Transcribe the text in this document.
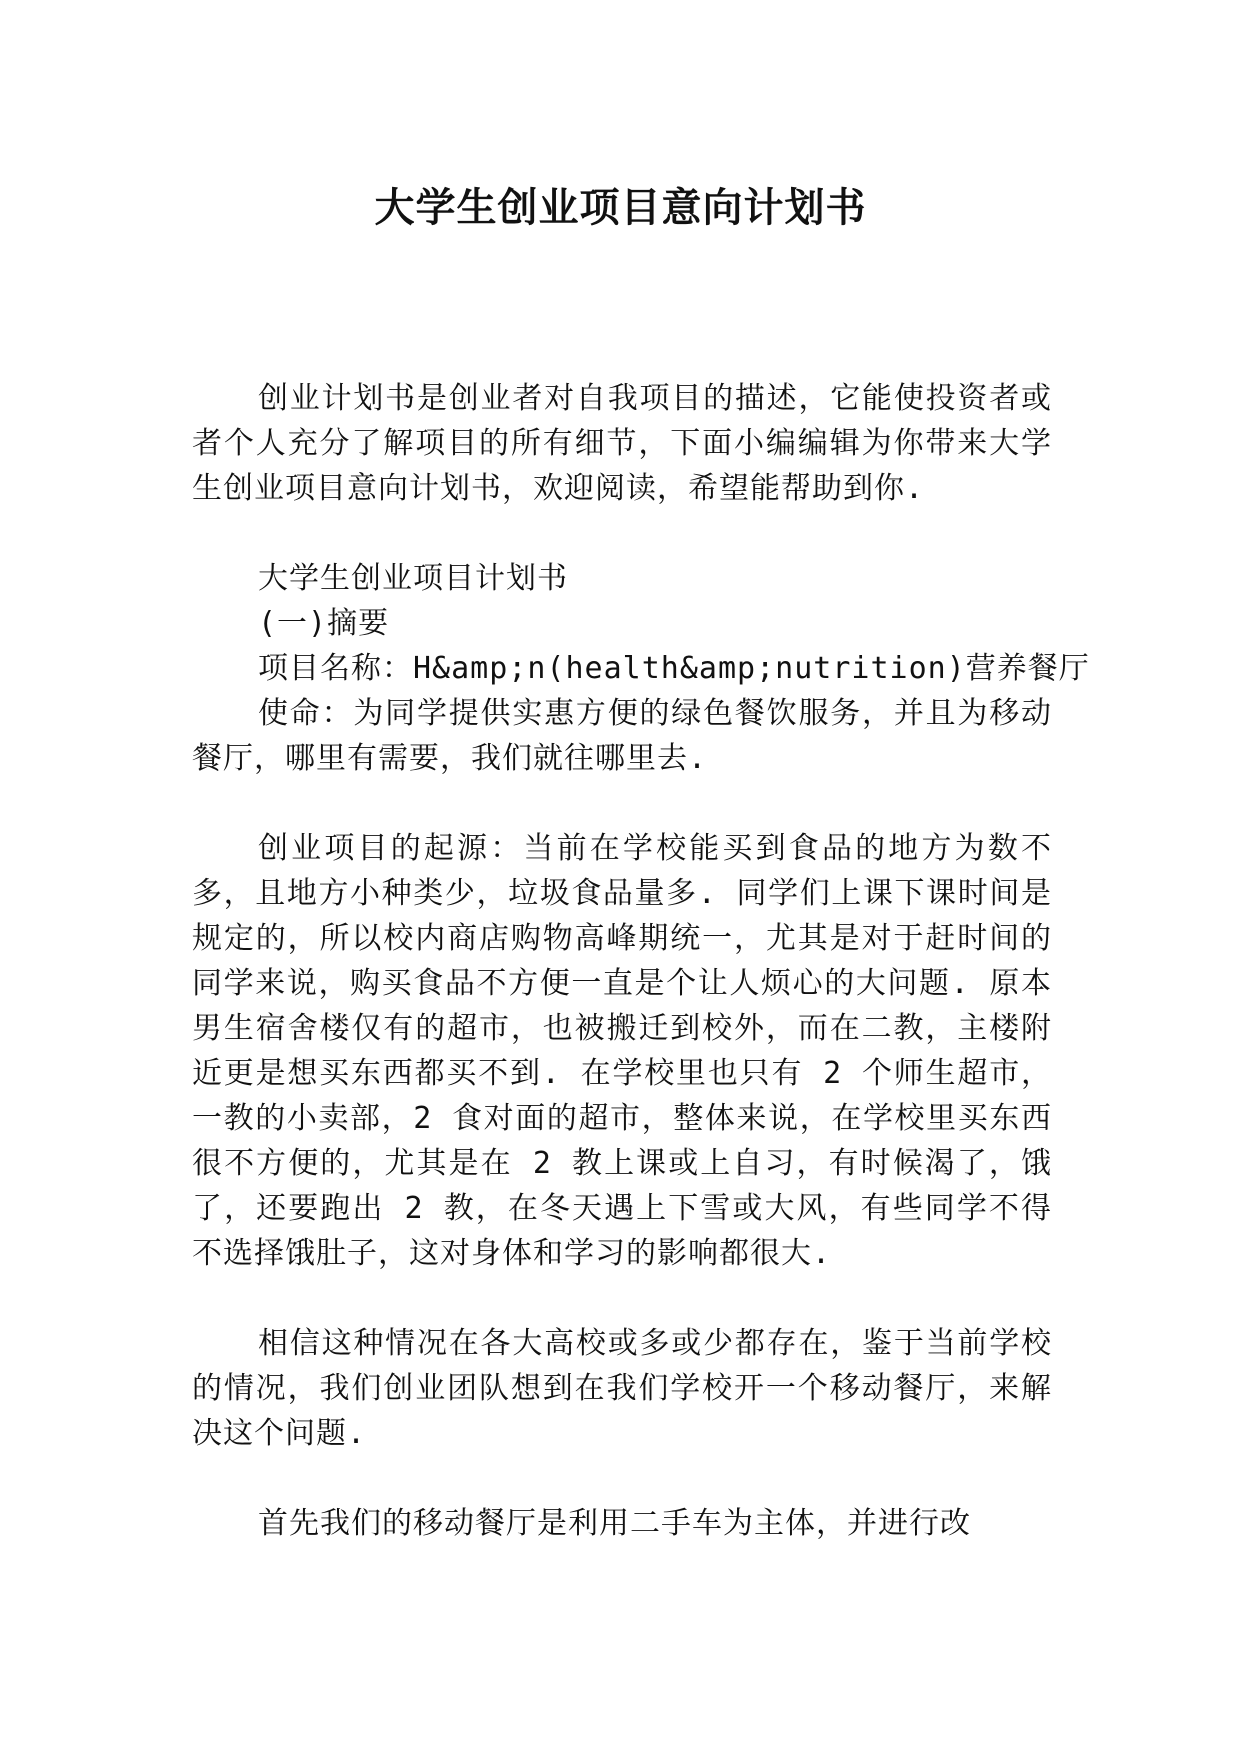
大学生创业项目意向计划书

创业计划书是创业者对自我项目的描述，它能使投资者或者个人充分了解项目的所有细节，下面小编编辑为你带来大学生创业项目意向计划书，欢迎阅读，希望能帮助到你.

大学生创业项目计划书

(一)摘要

项目名称：H&amp;n(health&amp;nutrition)营养餐厅

使命：为同学提供实惠方便的绿色餐饮服务，并且为移动餐厅，哪里有需要，我们就往哪里去.

创业项目的起源：当前在学校能买到食品的地方为数不多，且地方小种类少，垃圾食品量多. 同学们上课下课时间是规定的，所以校内商店购物高峰期统一，尤其是对于赶时间的同学来说，购买食品不方便一直是个让人烦心的大问题. 原本男生宿舍楼仅有的超市，也被搬迁到校外，而在二教，主楼附近更是想买东西都买不到. 在学校里也只有 2 个师生超市，一教的小卖部，2 食对面的超市，整体来说，在学校里买东西很不方便的，尤其是在 2 教上课或上自习，有时候渴了，饿了，还要跑出 2 教，在冬天遇上下雪或大风，有些同学不得不选择饿肚子，这对身体和学习的影响都很大.

相信这种情况在各大高校或多或少都存在，鉴于当前学校的情况，我们创业团队想到在我们学校开一个移动餐厅，来解决这个问题.

首先我们的移动餐厅是利用二手车为主体，并进行改
